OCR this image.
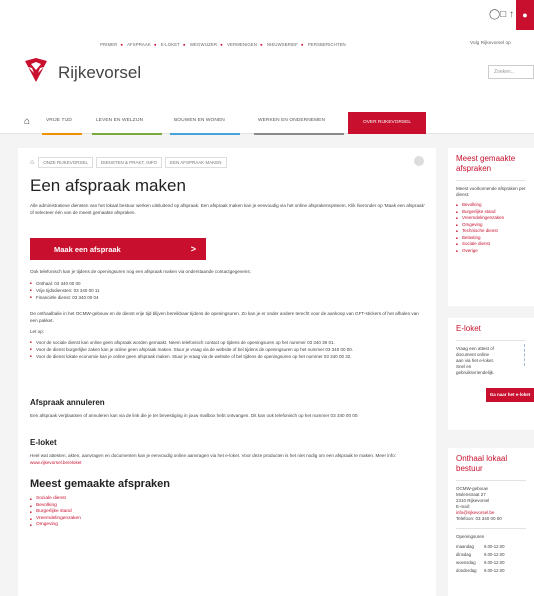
◯□ ↑ ●
PRIMER ● AFSPRAAK ● E-LOKET ● WEGWIJZER ● VERMENIGEN ● NIEUWSBRIEF ● PERSBERICHTEN	Volg Rijkevorsel op
Rijkevorsel	Zoeken...
⌂	VRIJE TIJD	LEVEN EN WELZIJN	BOUWEN EN WONEN	WERKEN EN ONDERNEMEN	OVER RIJKEVORSEL
⌂	ONZE RIJKEVORSEL	DIENSTEN & PRAKT. INFO	EEN AFSPRAAK MAKEN
Een afspraak maken
Alle administratieve diensten van het lokaal bestuur werken uitsluitend op afspraak. Een afspraak maken kan je eenvoudig via het online afsprakensysteem. Klik hieronder op 'Maak een afspraak' of selecteer één van de meest gemaakte afspraken.
Maak een afspraak	>
Ook telefonisch kan je tijdens de openingsuren nog een afspraak maken via onderstaande contactgegevens:
■ Onthaal: 03 340 00 00
■ Vrije tijdsdiensten: 03 340 00 11
■ Financiële dienst: 03 340 00 04
De onthaalbalie in het OCMW-gebouw en de dienst vrije tijd blijven bereikbaar tijdens de openingsuren. Zo kan je er onder andere terecht voor de aankoop van GFT-stickers of het afhalen van een pakket.
Let op:
■ Voor de sociale dienst kan online geen afspraak worden gemaakt. Neem telefonisch contact op tijdens de openingsuren op het nummer 03 340 39 01.
■ Voor de dienst burgerlijke zaken kan je online geen afspraak maken. Stuur je vraag via de website of bel tijdens de openingsuren op het nummer 03 340 00 00.
■ Voor de dienst lokale economie kan je online geen afspraak maken. Stuur je vraag via de website of bel tijdens de openingsuren op het nummer 03 340 00 32.
Afspraak annuleren
Een afspraak verplaatsen of annuleren kan via de link die je ter bevestiging in jouw mailbox hebt ontvangen. Dit kan ook telefonisch op het nummer 03 340 00 00.
E-loket
Heel wat attesten, akten, aanvragen en documenten kan je eenvoudig online aanvragen via het e-loket. Voor deze producten is het niet nodig om een afspraak te maken. Meer info: www.rijkevorsel.be/eloket
Meest gemaakte afspraken
■ Sociale dienst
■ Bevolking
■ Burgerlijke stand
■ Vreemdelingenzaken
■ Omgeving
Meest gemaakte afspraken
Meest voorkomende afspraken per dienst:
■ Bevolking
■ Burgerlijke stand
■ Vreemdelingenzaken
■ Omgeving
■ Technische dienst
■ Belasting
■ Sociale dienst
■ Overige
E-loket
Vraag een attest of document online aan via het e-loket. Snel en gebruiksvriendelijk.
Ga naar het e-loket
Onthaal lokaal bestuur
OCMW-gebouw
Molenstraat 27
2310 Rijkevorsel
E-mail:
info@rijkevorsel.be
Telefoon: 03 340 00 00
Openingsuren
maandag	9.00-12.00
dinsdag	9.00-12.00
woensdag	9.00-12.00
donderdag	9.00-12.00
